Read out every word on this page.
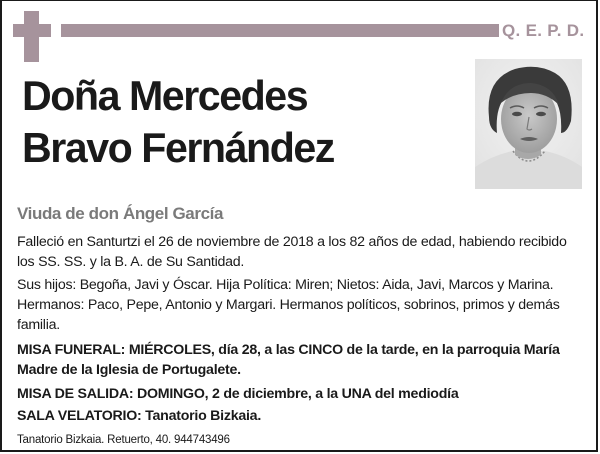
Q. E. P. D.
Doña Mercedes
Bravo Fernández
Viuda de don Ángel García
Falleció en Santurtzi el 26 de noviembre de 2018 a los 82 años de edad, habiendo recibido los SS. SS. y la B. A. de Su Santidad.
Sus hijos: Begoña, Javi y Óscar. Hija Política: Miren; Nietos: Aida, Javi, Marcos y Marina. Hermanos: Paco, Pepe, Antonio y Margari. Hermanos políticos, sobrinos, primos y demás familia.
MISA FUNERAL: MIÉRCOLES, día 28, a las CINCO de la tarde, en la parroquia María Madre de la Iglesia de Portugalete.
MISA DE SALIDA: DOMINGO, 2 de diciembre, a la UNA del mediodía
SALA VELATORIO: Tanatorio Bizkaia.
Tanatorio Bizkaia. Retuerto, 40. 944743496
